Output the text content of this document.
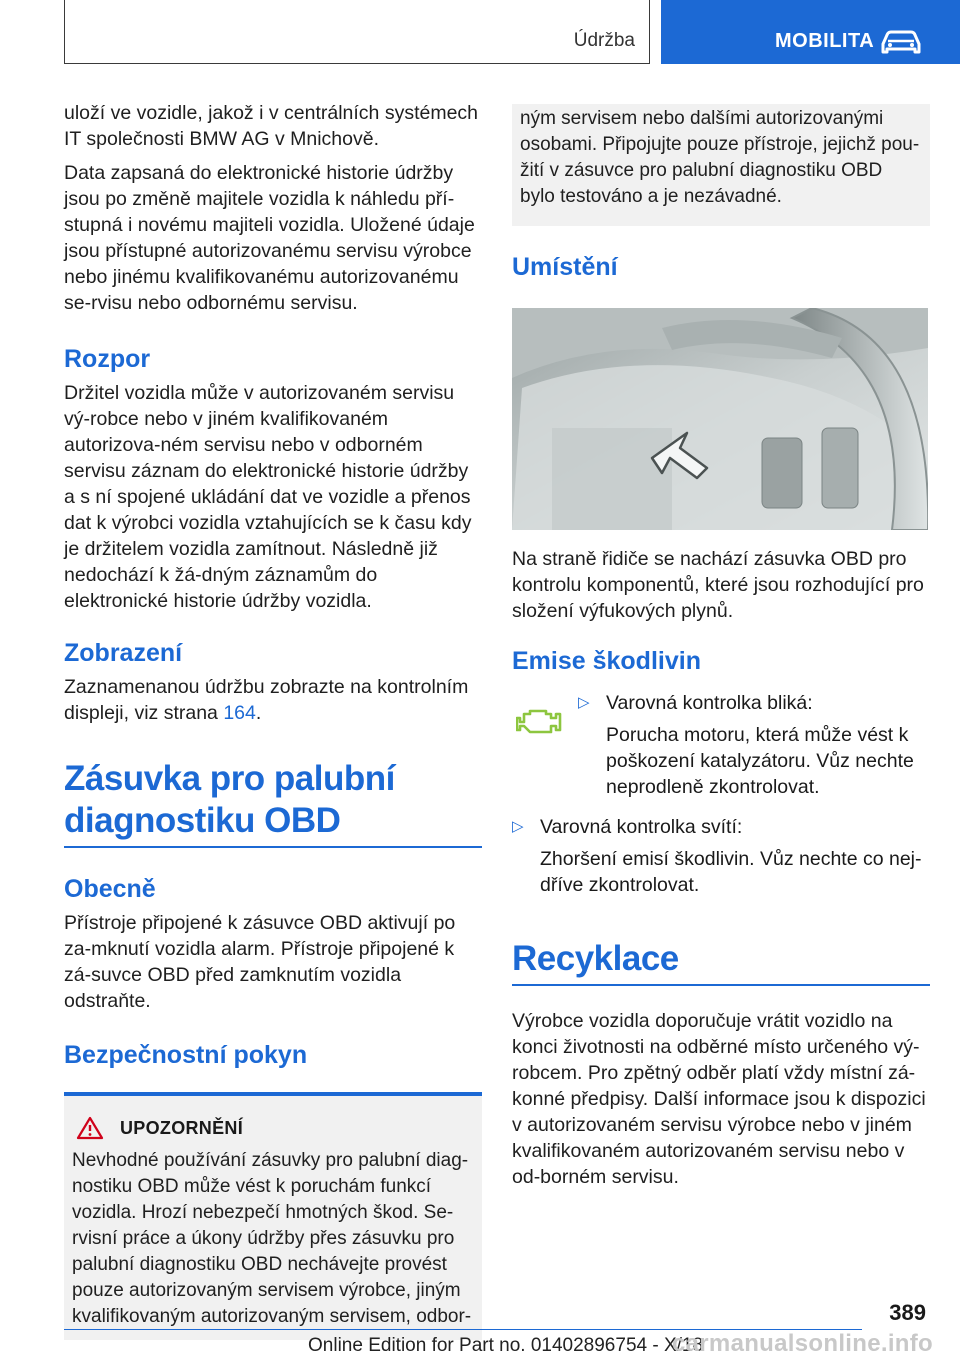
Údržba	MOBILITA

uloží ve vozidle, jakož i v centrálních systémech IT společnosti BMW AG v Mnichově.

Data zapsaná do elektronické historie údržby jsou po změně majitele vozidla k náhledu pří-stupná i novému majiteli vozidla. Uložené údaje jsou přístupné autorizovanému servisu výrobce nebo jinému kvalifikovanému autorizovanému se-rvisu nebo odbornému servisu.

Rozpor

Držitel vozidla může v autorizovaném servisu vý-robce nebo v jiném kvalifikovaném autorizova-ném servisu nebo v odborném servisu záznam do elektronické historie údržby a s ní spojené ukládání dat ve vozidle a přenos dat k výrobci vozidla vztahujících se k času kdy je držitelem vozidla zamítnout. Následně již nedochází k žá-dným záznamům do elektronické historie údržby vozidla.

Zobrazení

Zaznamenanou údržbu zobrazte na kontrolním displeji, viz strana 164.

Zásuvka pro palubní diagnostiku OBD
Obecně

Přístroje připojené k zásuvce OBD aktivují po za-mknutí vozidla alarm. Přístroje připojené k zá-suvce OBD před zamknutím vozidla odstraňte.

Bezpečnostní pokyn
UPOZORNĚNÍ

Nevhodné používání zásuvky pro palubní diag-nostiku OBD může vést k poruchám funkcí vozidla. Hrozí nebezpečí hmotných škod. Se-rvisní práce a úkony údržby přes zásuvku pro palubní diagnostiku OBD nechávejte provést pouze autorizovaným servisem výrobce, jiným kvalifikovaným autorizovaným servisem, odbor-

ným servisem nebo dalšími autorizovanými osobami. Připojujte pouze přístroje, jejichž pou-žití v zásuvce pro palubní diagnostiku OBD bylo testováno a je nezávadné.

Umístění

Na straně řidiče se nachází zásuvka OBD pro kontrolu komponentů, které jsou rozhodující pro složení výfukových plynů.

Emise škodlivin
▷ Varovná kontrolka bliká:
Porucha motoru, která může vést k poškození katalyzátoru. Vůz nechte neprodleně zkontrolovat.
▷ Varovná kontrolka svítí:
Zhoršení emisí škodlivin. Vůz nechte co nej-dříve zkontrolovat.
Recyklace

Výrobce vozidla doporučuje vrátit vozidlo na konci životnosti na odběrné místo určeného vý-robcem. Pro zpětný odběr platí vždy místní zá-konné předpisy. Další informace jsou k dispozici v autorizovaném servisu výrobce nebo v jiném kvalifikovaném autorizovaném servisu nebo v od-borném servisu.

389
Online Edition for Part no. 01402896754 - X/18
carmanualsonline.info
